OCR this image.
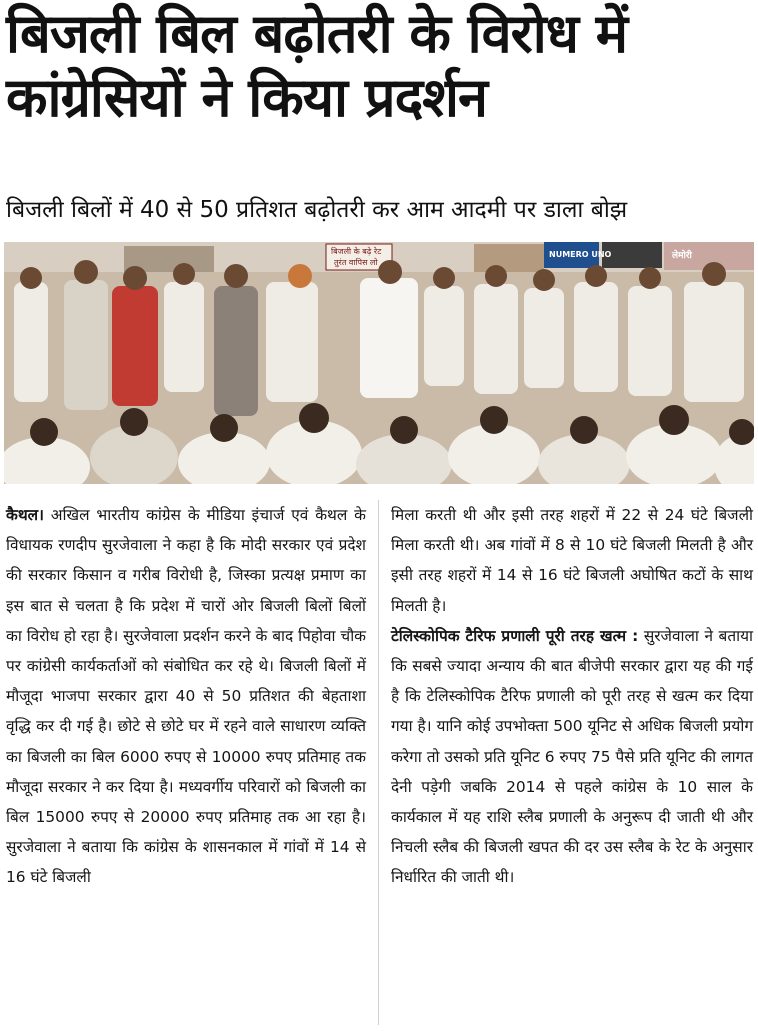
बिजली बिल बढ़ोतरी के विरोध में कांग्रेसियों ने किया प्रदर्शन
बिजली बिलों में 40 से 50 प्रतिशत बढ़ोतरी कर आम आदमी पर डाला बोझ
बिजली के बढ़े रेट
तुरंत वापिस लो
NUMERO UNO	लेमोरी

कैथल। अखिल भारतीय कांग्रेस के मीडिया इंचार्ज एवं कैथल के विधायक रणदीप सुरजेवाला ने कहा है कि मोदी सरकार एवं प्रदेश की सरकार किसान व गरीब विरोधी है, जिस्का प्रत्यक्ष प्रमाण का इस बात से चलता है कि प्रदेश में चारों ओर बिजली बिलों बिलों का विरोध हो रहा है। सुरजेवाला प्रदर्शन करने के बाद पिहोवा चौक पर कांग्रेसी कार्यकर्ताओं को संबोधित कर रहे थे। बिजली बिलों में मौजूदा भाजपा सरकार द्वारा 40 से 50 प्रतिशत की बेहताशा वृद्धि कर दी गई है। छोटे से छोटे घर में रहने वाले साधारण व्यक्ति का बिजली का बिल 6000 रुपए से 10000 रुपए प्रतिमाह तक मौजूदा सरकार ने कर दिया है। मध्यवर्गीय परिवारों को बिजली का बिल 15000 रुपए से 20000 रुपए प्रतिमाह तक आ रहा है। सुरजेवाला ने बताया कि कांग्रेस के शासनकाल में गांवों में 14 से 16 घंटे बिजली

मिला करती थी और इसी तरह शहरों में 22 से 24 घंटे बिजली मिला करती थी। अब गांवों में 8 से 10 घंटे बिजली मिलती है और इसी तरह शहरों में 14 से 16 घंटे बिजली अघोषित कटों के साथ मिलती है।

टेलिस्कोपिक टैरिफ प्रणाली पूरी तरह खत्म : सुरजेवाला ने बताया कि सबसे ज्यादा अन्याय की बात बीजेपी सरकार द्वारा यह की गई है कि टेलिस्कोपिक टैरिफ प्रणाली को पूरी तरह से खत्म कर दिया गया है। यानि कोई उपभोक्ता 500 यूनिट से अधिक बिजली प्रयोग करेगा तो उसको प्रति यूनिट 6 रुपए 75 पैसे प्रति यूनिट की लागत देनी पड़ेगी जबकि 2014 से पहले कांग्रेस के 10 साल के कार्यकाल में यह राशि स्लैब प्रणाली के अनुरूप दी जाती थी और निचली स्लैब की बिजली खपत की दर उस स्लैब के रेट के अनुसार निर्धारित की जाती थी।
